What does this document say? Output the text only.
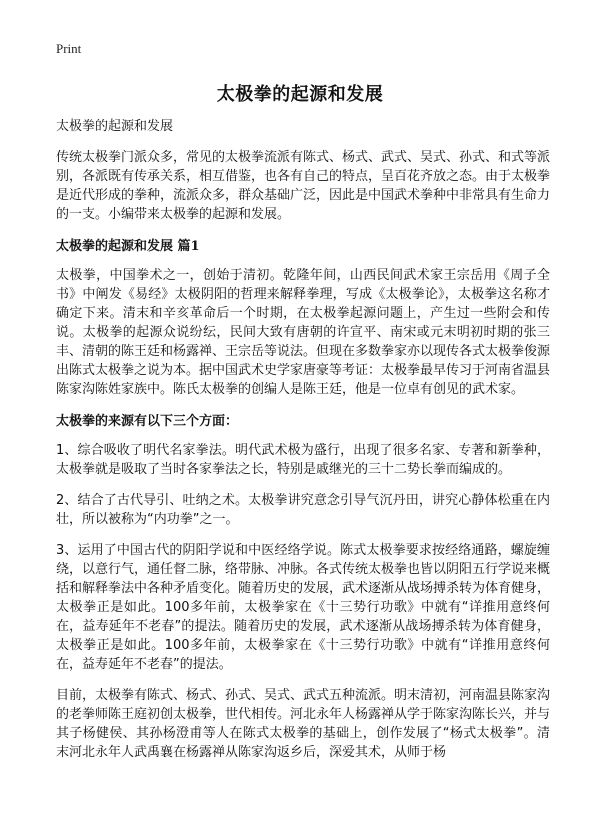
Print
太极拳的起源和发展
太极拳的起源和发展

传统太极拳门派众多，常见的太极拳流派有陈式、杨式、武式、吴式、孙式、和式等派别，各派既有传承关系，相互借鉴，也各有自己的特点，呈百花齐放之态。由于太极拳是近代形成的拳种，流派众多，群众基础广泛，因此是中国武术拳种中非常具有生命力的一支。小编带来太极拳的起源和发展。

太极拳的起源和发展 篇1

太极拳，中国拳术之一，创始于清初。乾隆年间，山西民间武术家王宗岳用《周子全书》中阐发《易经》太极阴阳的哲理来解释拳理，写成《太极拳论》，太极拳这名称才确定下来。清末和辛亥革命后一个时期，在太极拳起源问题上，产生过一些附会和传说。太极拳的起源众说纷纭，民间大致有唐朝的许宣平、南宋或元末明初时期的张三丰、清朝的陈王廷和杨露禅、王宗岳等说法。但现在多数拳家亦以现传各式太极拳俊源出陈式太极拳之说为本。据中国武术史学家唐豪等考证：太极拳最早传习于河南省温县陈家沟陈姓家族中。陈氏太极拳的创编人是陈王廷，他是一位卓有创见的武术家。

太极拳的来源有以下三个方面：

1、综合吸收了明代名家拳法。明代武术极为盛行，出现了很多名家、专著和新拳种，太极拳就是吸取了当时各家拳法之长，特别是戚继光的三十二势长拳而编成的。

2、结合了古代导引、吐纳之术。太极拳讲究意念引导气沉丹田，讲究心静体松重在内壮，所以被称为“内功拳”之一。

3、运用了中国古代的阴阳学说和中医经络学说。陈式太极拳要求按经络通路，螺旋缠绕，以意行气，通任督二脉，络带脉、冲脉。各式传统太极拳也皆以阴阳五行学说来概括和解释拳法中各种矛盾变化。随着历史的发展，武术逐渐从战场搏杀转为体育健身，太极拳正是如此。100多年前，太极拳家在《十三势行功歌》中就有“详推用意终何在，益寿延年不老春”的提法。随着历史的发展，武术逐渐从战场搏杀转为体育健身，太极拳正是如此。100多年前，太极拳家在《十三势行功歌》中就有“详推用意终何在，益寿延年不老春”的提法。

目前，太极拳有陈式、杨式、孙式、吴式、武式五种流派。明末清初，河南温县陈家沟的老拳师陈王庭初创太极拳，世代相传。河北永年人杨露禅从学于陈家沟陈长兴，并与其子杨健侯、其孙杨澄甫等人在陈式太极拳的基础上，创作发展了“杨式太极拳”。清末河北永年人武禹襄在杨露禅从陈家沟返乡后，深爱其术，从师于杨
